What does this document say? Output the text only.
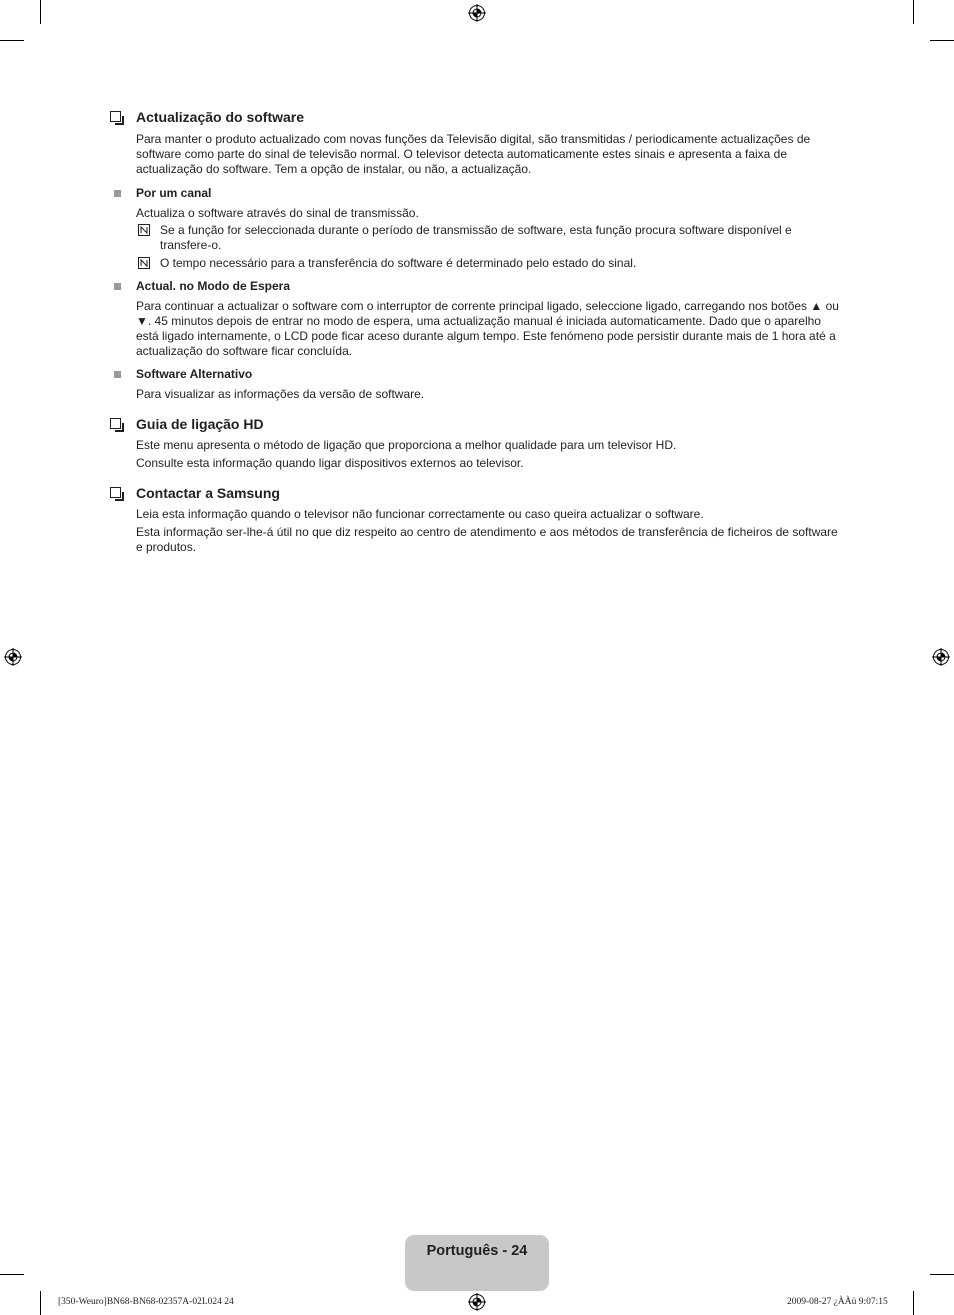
Actualização do software

Para manter o produto actualizado com novas funções da Televisão digital, são transmitidas / periodicamente actualizações de software como parte do sinal de televisão normal. O televisor detecta automaticamente estes sinais e apresenta a faixa de actualização do software. Tem a opção de instalar, ou não, a actualização.

Por um canal

Actualiza o software através do sinal de transmissão.

Se a função for seleccionada durante o período de transmissão de software, esta função procura software disponível e transfere-o.
O tempo necessário para a transferência do software é determinado pelo estado do sinal.
Actual. no Modo de Espera

Para continuar a actualizar o software com o interruptor de corrente principal ligado, seleccione ligado, carregando nos botões ▲ ou ▼. 45 minutos depois de entrar no modo de espera, uma actualização manual é iniciada automaticamente. Dado que o aparelho está ligado internamente, o LCD pode ficar aceso durante algum tempo. Este fenómeno pode persistir durante mais de 1 hora até a actualização do software ficar concluída.

Software Alternativo

Para visualizar as informações da versão de software.

Guia de ligação HD

Este menu apresenta o método de ligação que proporciona a melhor qualidade para um televisor HD.

Consulte esta informação quando ligar dispositivos externos ao televisor.

Contactar a Samsung

Leia esta informação quando o televisor não funcionar correctamente ou caso queira actualizar o software.

Esta informação ser-lhe-á útil no que diz respeito ao centro de atendimento e aos métodos de transferência de ficheiros de software e produtos.

Português - 24
[350-Weuro]BN68-BN68-02357A-02L024 24	2009-08-27 ¿ÀÀü 9:07:15
